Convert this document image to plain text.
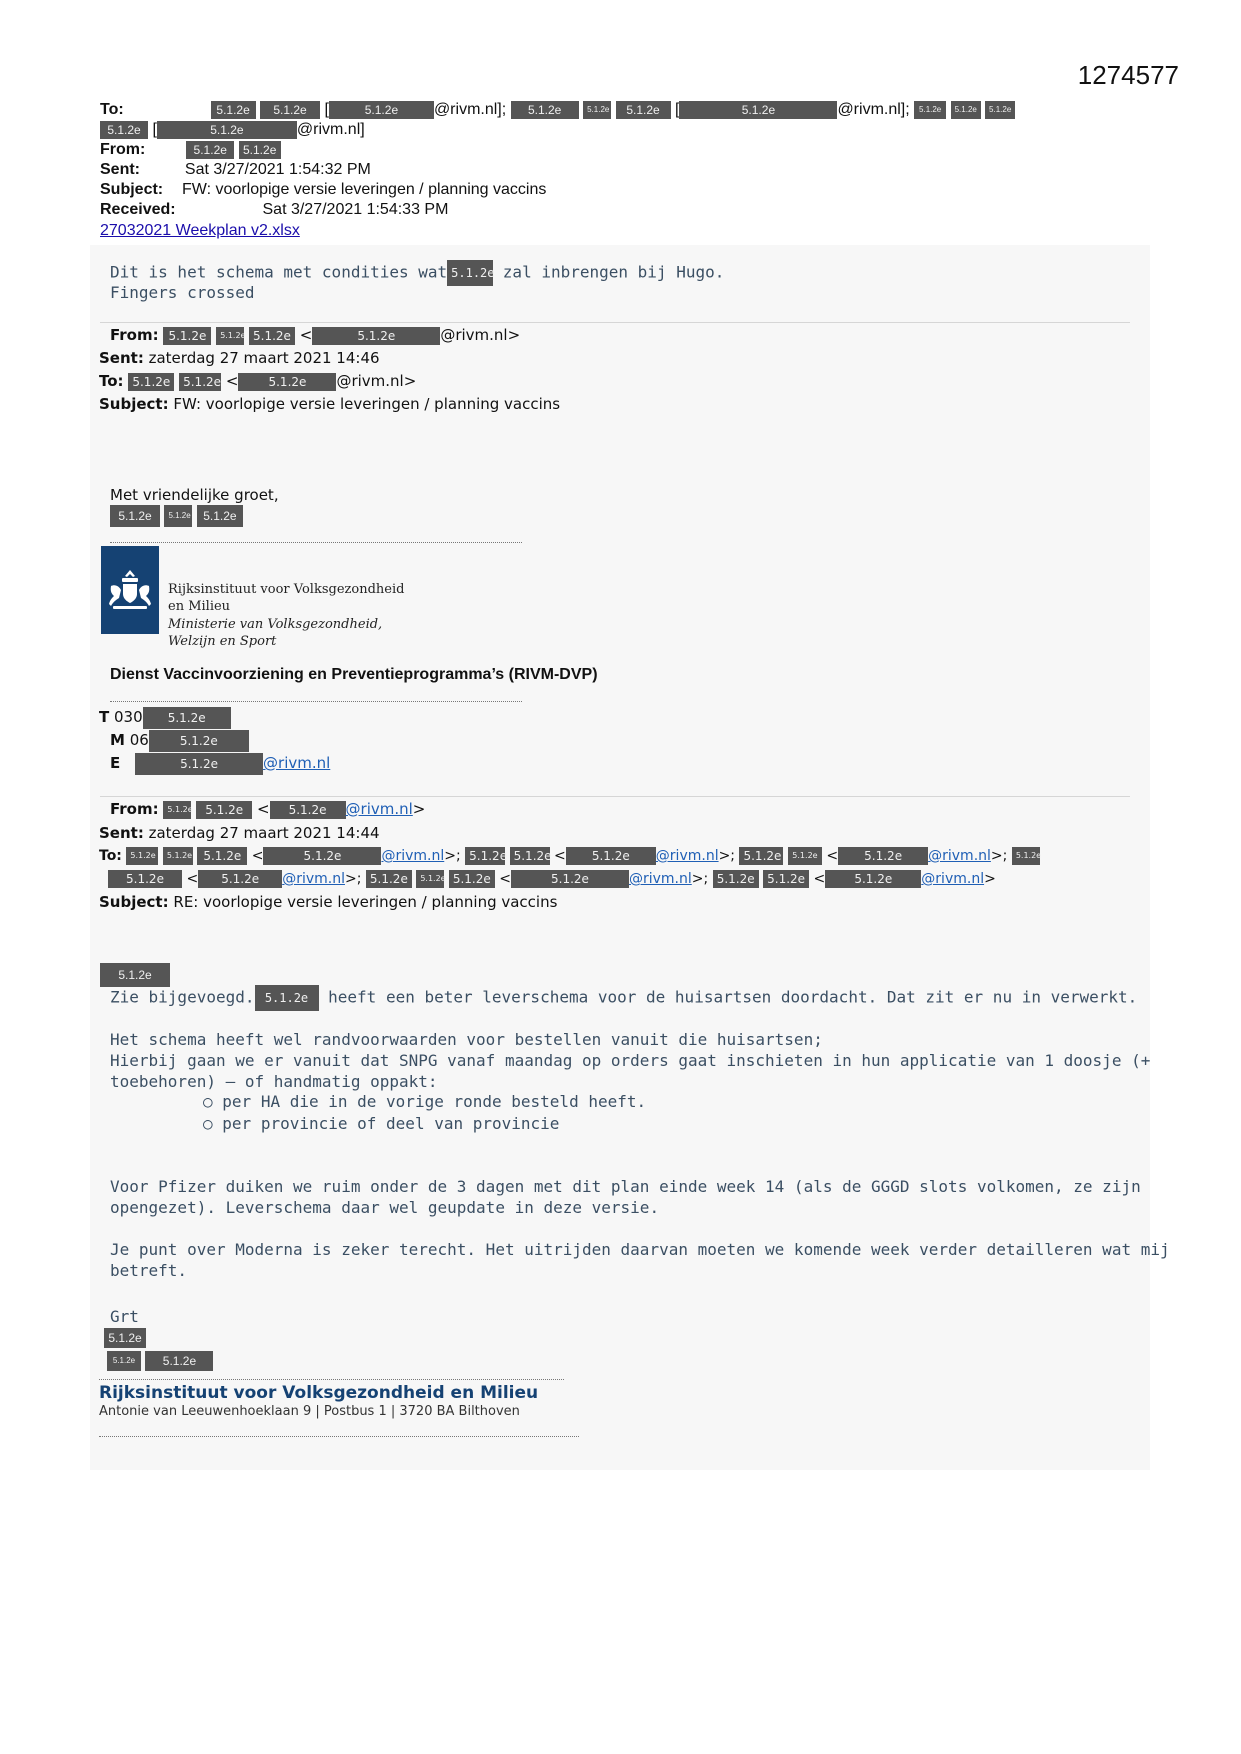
1274577
To:	5.1.2e 5.1.2e [	5.1.2e @rivm.nl]; 5.1.2e	5.1.2e 5.1.2e [	5.1.2e	@rivm.nl]; 5.1.2e 5.1.2e 5.1.2e
5.1.2e [	5.1.2e	@rivm.nl]
From:	5.1.2e 5.1.2e
Sent:	Sat 3/27/2021 1:54:32 PM
Subject: FW: voorlopige versie leveringen / planning vaccins
Received:	Sat 3/27/2021 1:54:33 PM
27032021 Weekplan v2.xlsx
Dit is het schema met condities wat 5.1.2e zal inbrengen bij Hugo.
Fingers crossed
From: 5.1.2e 5.1.2e 5.1.2e <	5.1.2e	@rivm.nl>
Sent: zaterdag 27 maart 2021 14:46
To: 5.1.2e 5.1.2e <	5.1.2e @rivm.nl>
Subject: FW: voorlopige versie leveringen / planning vaccins
Met vriendelijke groet,
5.1.2e 5.1.2e 5.1.2e
Rijksinstituut voor Volksgezondheid
en Milieu
Ministerie van Volksgezondheid,
Welzijn en Sport
Dienst Vaccinvoorziening en Preventieprogramma’s (RIVM-DVP)
T 030 5.1.2e
M 06	5.1.2e
E	5.1.2e	@rivm.nl
From: 5.1.2e 5.1.2e < 5.1.2e @rivm.nl>
Sent: zaterdag 27 maart 2021 14:44
To: 5.1.2e 5.1.2e 5.1.2e <	5.1.2e	@rivm.nl>; 5.1.2e 5.1.2e < 5.1.2e @rivm.nl>; 5.1.2e 5.1.2e < 5.1.2e @rivm.nl>; 5.1.2e
5.1.2e < 5.1.2e @rivm.nl>; 5.1.2e 5.1.2e 5.1.2e <	5.1.2e	@rivm.nl>; 5.1.2e 5.1.2e < 5.1.2e @rivm.nl>
Subject: RE: voorlopige versie leveringen / planning vaccins
5.1.2e
Zie bijgevoegd. 5.1.2e heeft een beter leverschema voor de huisartsen doordacht. Dat zit er nu in verwerkt.
Het schema heeft wel randvoorwaarden voor bestellen vanuit die huisartsen;
Hierbij gaan we er vanuit dat SNPG vanaf maandag op orders gaat inschieten in hun applicatie van 1 doosje (+
toebehoren) – of handmatig oppakt:
○ per HA die in de vorige ronde besteld heeft.
○ per provincie of deel van provincie
Voor Pfizer duiken we ruim onder de 3 dagen met dit plan einde week 14 (als de GGGD slots volkomen, ze zijn
opengezet). Leverschema daar wel geupdate in deze versie.
Je punt over Moderna is zeker terecht. Het uitrijden daarvan moeten we komende week verder detailleren wat mij
betreft.
Grt
5.1.2e
5.1.2e 5.1.2e
Rijksinstituut voor Volksgezondheid en Milieu
Antonie van Leeuwenhoeklaan 9 | Postbus 1 | 3720 BA Bilthoven
